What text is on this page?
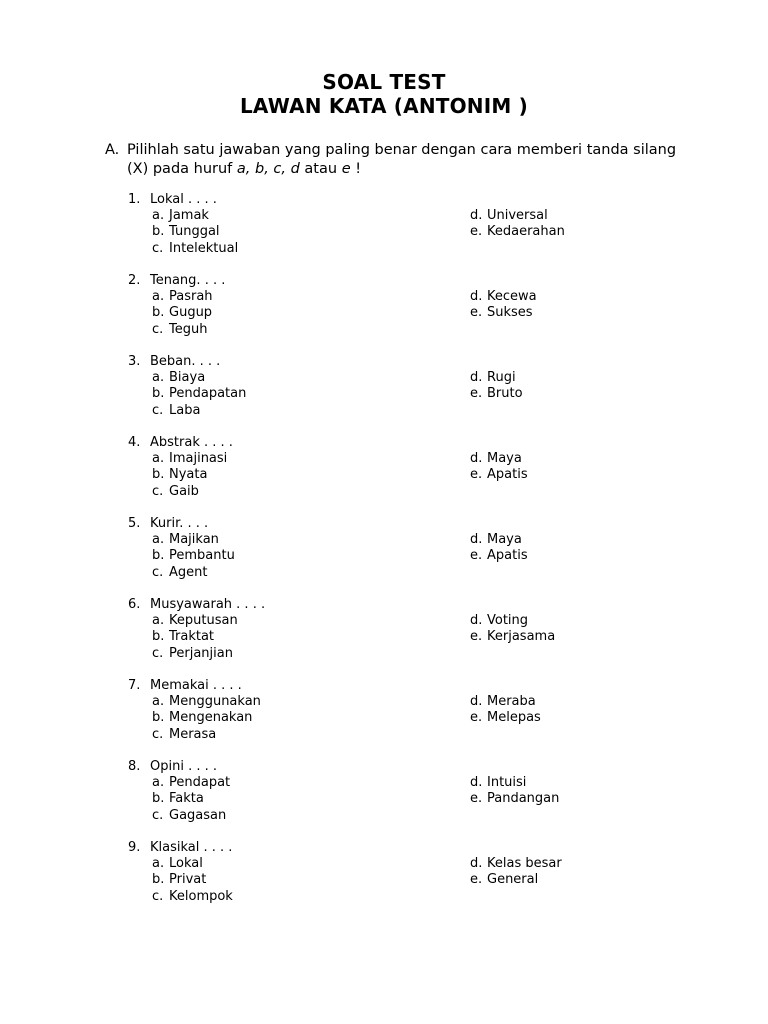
SOAL TEST
LAWAN KATA (ANTONIM )
A. Pilihlah satu jawaban yang paling benar dengan cara memberi tanda silang (X) pada huruf a, b, c, d atau e !
1. Lokal . . . .
a. Jamak
b. Tunggal
c. Intelektual
d. Universal
e. Kedaerahan
2. Tenang. . . .
a. Pasrah
b. Gugup
c. Teguh
d. Kecewa
e. Sukses
3. Beban. . . .
a. Biaya
b. Pendapatan
c. Laba
d. Rugi
e. Bruto
4. Abstrak . . . .
a. Imajinasi
b. Nyata
c. Gaib
d. Maya
e. Apatis
5. Kurir. . . .
a. Majikan
b. Pembantu
c. Agent
d. Maya
e. Apatis
6. Musyawarah . . . .
a. Keputusan
b. Traktat
c. Perjanjian
d. Voting
e. Kerjasama
7. Memakai . . . .
a. Menggunakan
b. Mengenakan
c. Merasa
d. Meraba
e. Melepas
8. Opini . . . .
a. Pendapat
b. Fakta
c. Gagasan
d. Intuisi
e. Pandangan
9. Klasikal . . . .
a. Lokal
b. Privat
c. Kelompok
d. Kelas besar
e. General
